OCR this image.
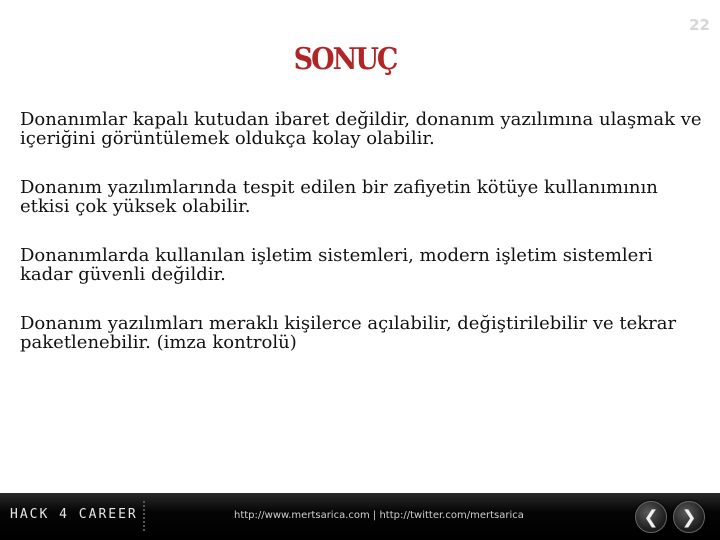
22
SONUÇ
Donanımlar kapalı kutudan ibaret değildir, donanım yazılımına ulaşmak ve içeriğini görüntülemek oldukça kolay olabilir.
Donanım yazılımlarında tespit edilen bir zafiyetin kötüye kullanımının etkisi çok yüksek olabilir.
Donanımlarda kullanılan işletim sistemleri, modern işletim sistemleri kadar güvenli değildir.
Donanım yazılımları meraklı kişilerce açılabilir, değiştirilebilir ve tekrar paketlenebilir. (imza kontrolü)
HACK 4 CAREER	http://www.mertsarica.com | http://twitter.com/mertsarica	❮ ❯
